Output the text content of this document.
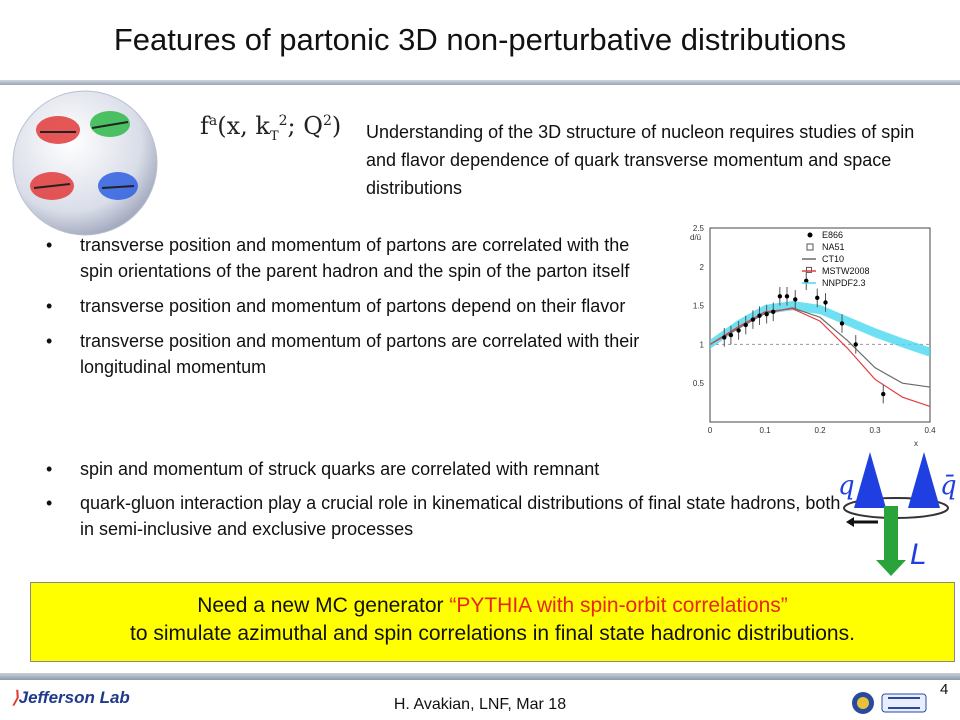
Features of partonic 3D non-perturbative distributions
$f^a(x$, $k_T^2$; $Q^2$) Understanding of the 3D structure of nucleon requires studies of spin and flavor dependence of quark transverse momentum and space distributions
• transverse position and momentum of partons are correlated with the spin orientations of the parent hadron and the spin of the parton itself
• transverse position and momentum of partons depend on their flavor
• transverse position and momentum of partons are correlated with their longitudinal momentum
• spin and momentum of struck quarks are correlated with remnant
• quark-gluon interaction play a crucial role in kinematical distributions of final state hadrons, both in semi-inclusive and exclusive processes
0.5
1
1.5
2
2.5
0	0.1	0.2	0.3	0.4
d/ū
x
E866
NA51
CT10
MSTW2008
NNPDF2.3
q	q̄
L
Need a new MC generator “PYTHIA with spin-orbit correlations”
to simulate azimuthal and spin correlations in final state hadronic distributions.
⟩Jefferson Lab	H. Avakian, LNF, Mar 18
4
